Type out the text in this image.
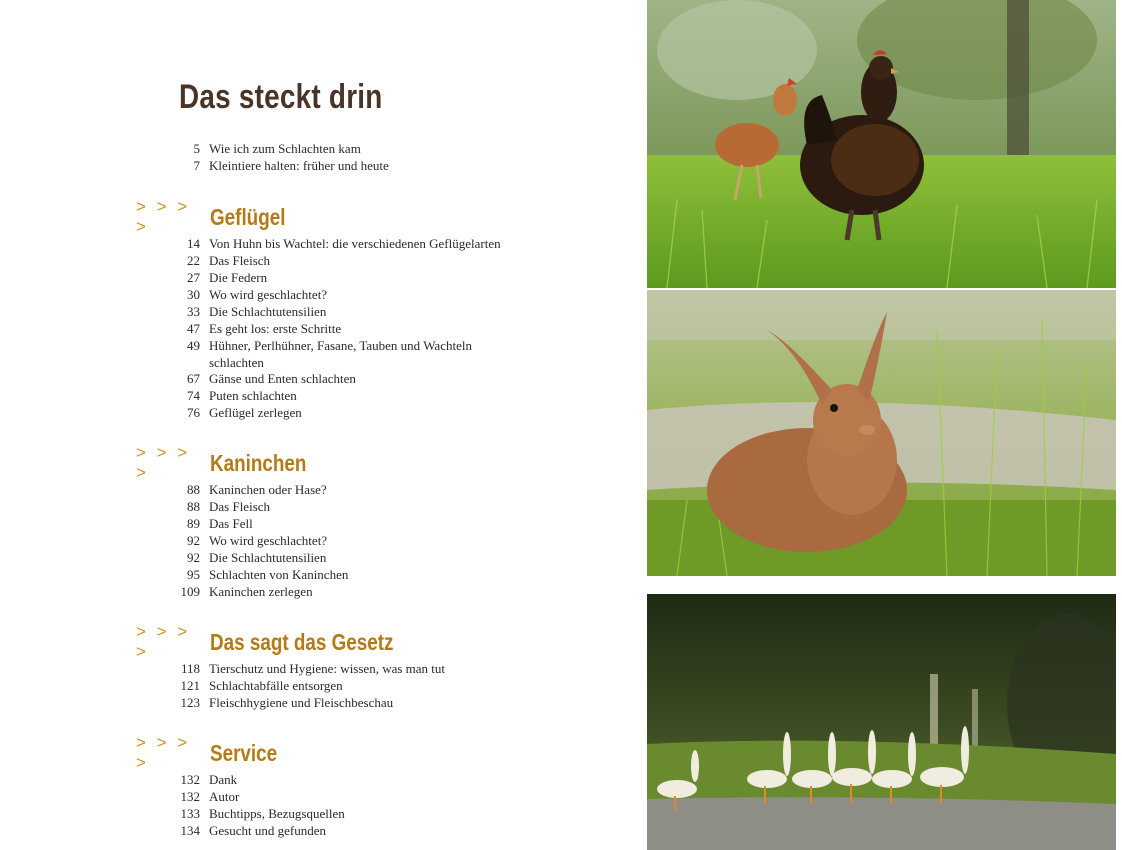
Das steckt drin
5 Wie ich zum Schlachten kam
7 Kleintiere halten: früher und heute
> > > >	Geflügel
14 Von Huhn bis Wachtel: die verschiedenen Geflügelarten
22 Das Fleisch
27 Die Federn
30 Wo wird geschlachtet?
33 Die Schlachtutensilien
47 Es geht los: erste Schritte
49 Hühner, Perlhühner, Fasane, Tauben und Wachteln schlachten
67 Gänse und Enten schlachten
74 Puten schlachten
76 Geflügel zerlegen
> > > >	Kaninchen
88 Kaninchen oder Hase?
88 Das Fleisch
89 Das Fell
92 Wo wird geschlachtet?
92 Die Schlachtutensilien
95 Schlachten von Kaninchen
109 Kaninchen zerlegen
> > > >	Das sagt das Gesetz
118 Tierschutz und Hygiene: wissen, was man tut
121 Schlachtabfälle entsorgen
123 Fleischhygiene und Fleischbeschau
> > > >	Service
132 Dank
132 Autor
133 Buchtipps, Bezugsquellen
134 Gesucht und gefunden
